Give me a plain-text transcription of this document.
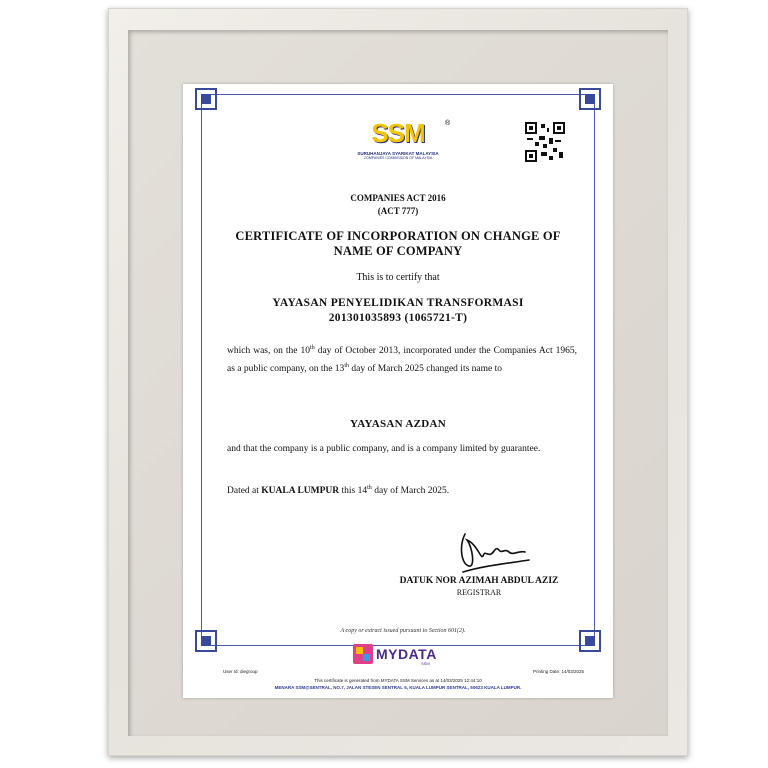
SSM	®
SURUHANJAYA SYARIKAT MALAYSIA
COMPANIES COMMISSION OF MALAYSIA
COMPANIES ACT 2016
(ACT 777)
CERTIFICATE OF INCORPORATION ON CHANGE OF
NAME OF COMPANY
This is to certify that
YAYASAN PENYELIDIKAN TRANSFORMASI
201301035893 (1065721-T)
which was, on the 10th day of October 2013, incorporated under the Companies Act 1965, as a public company, on the 13th day of March 2025 changed its name to
YAYASAN AZDAN
and that the company is a public company, and is a company limited by guarantee.
Dated at KUALA LUMPUR this 14th day of March 2025.
DATUK NOR AZIMAH ABDUL AZIZ
REGISTRAR
A copy or extract issued pursuant to Section 601(2).
MYDATA
SSM
User Id: diegroup	Printing Date: 14/03/2025
This certificate is generated from MYDATA SSM Services as at 14/03/2025 12:44:10
MENARA SSM@SENTRAL, NO.7, JALAN STESEN SENTRAL 5, KUALA LUMPUR SENTRAL, 50623 KUALA LUMPUR.
